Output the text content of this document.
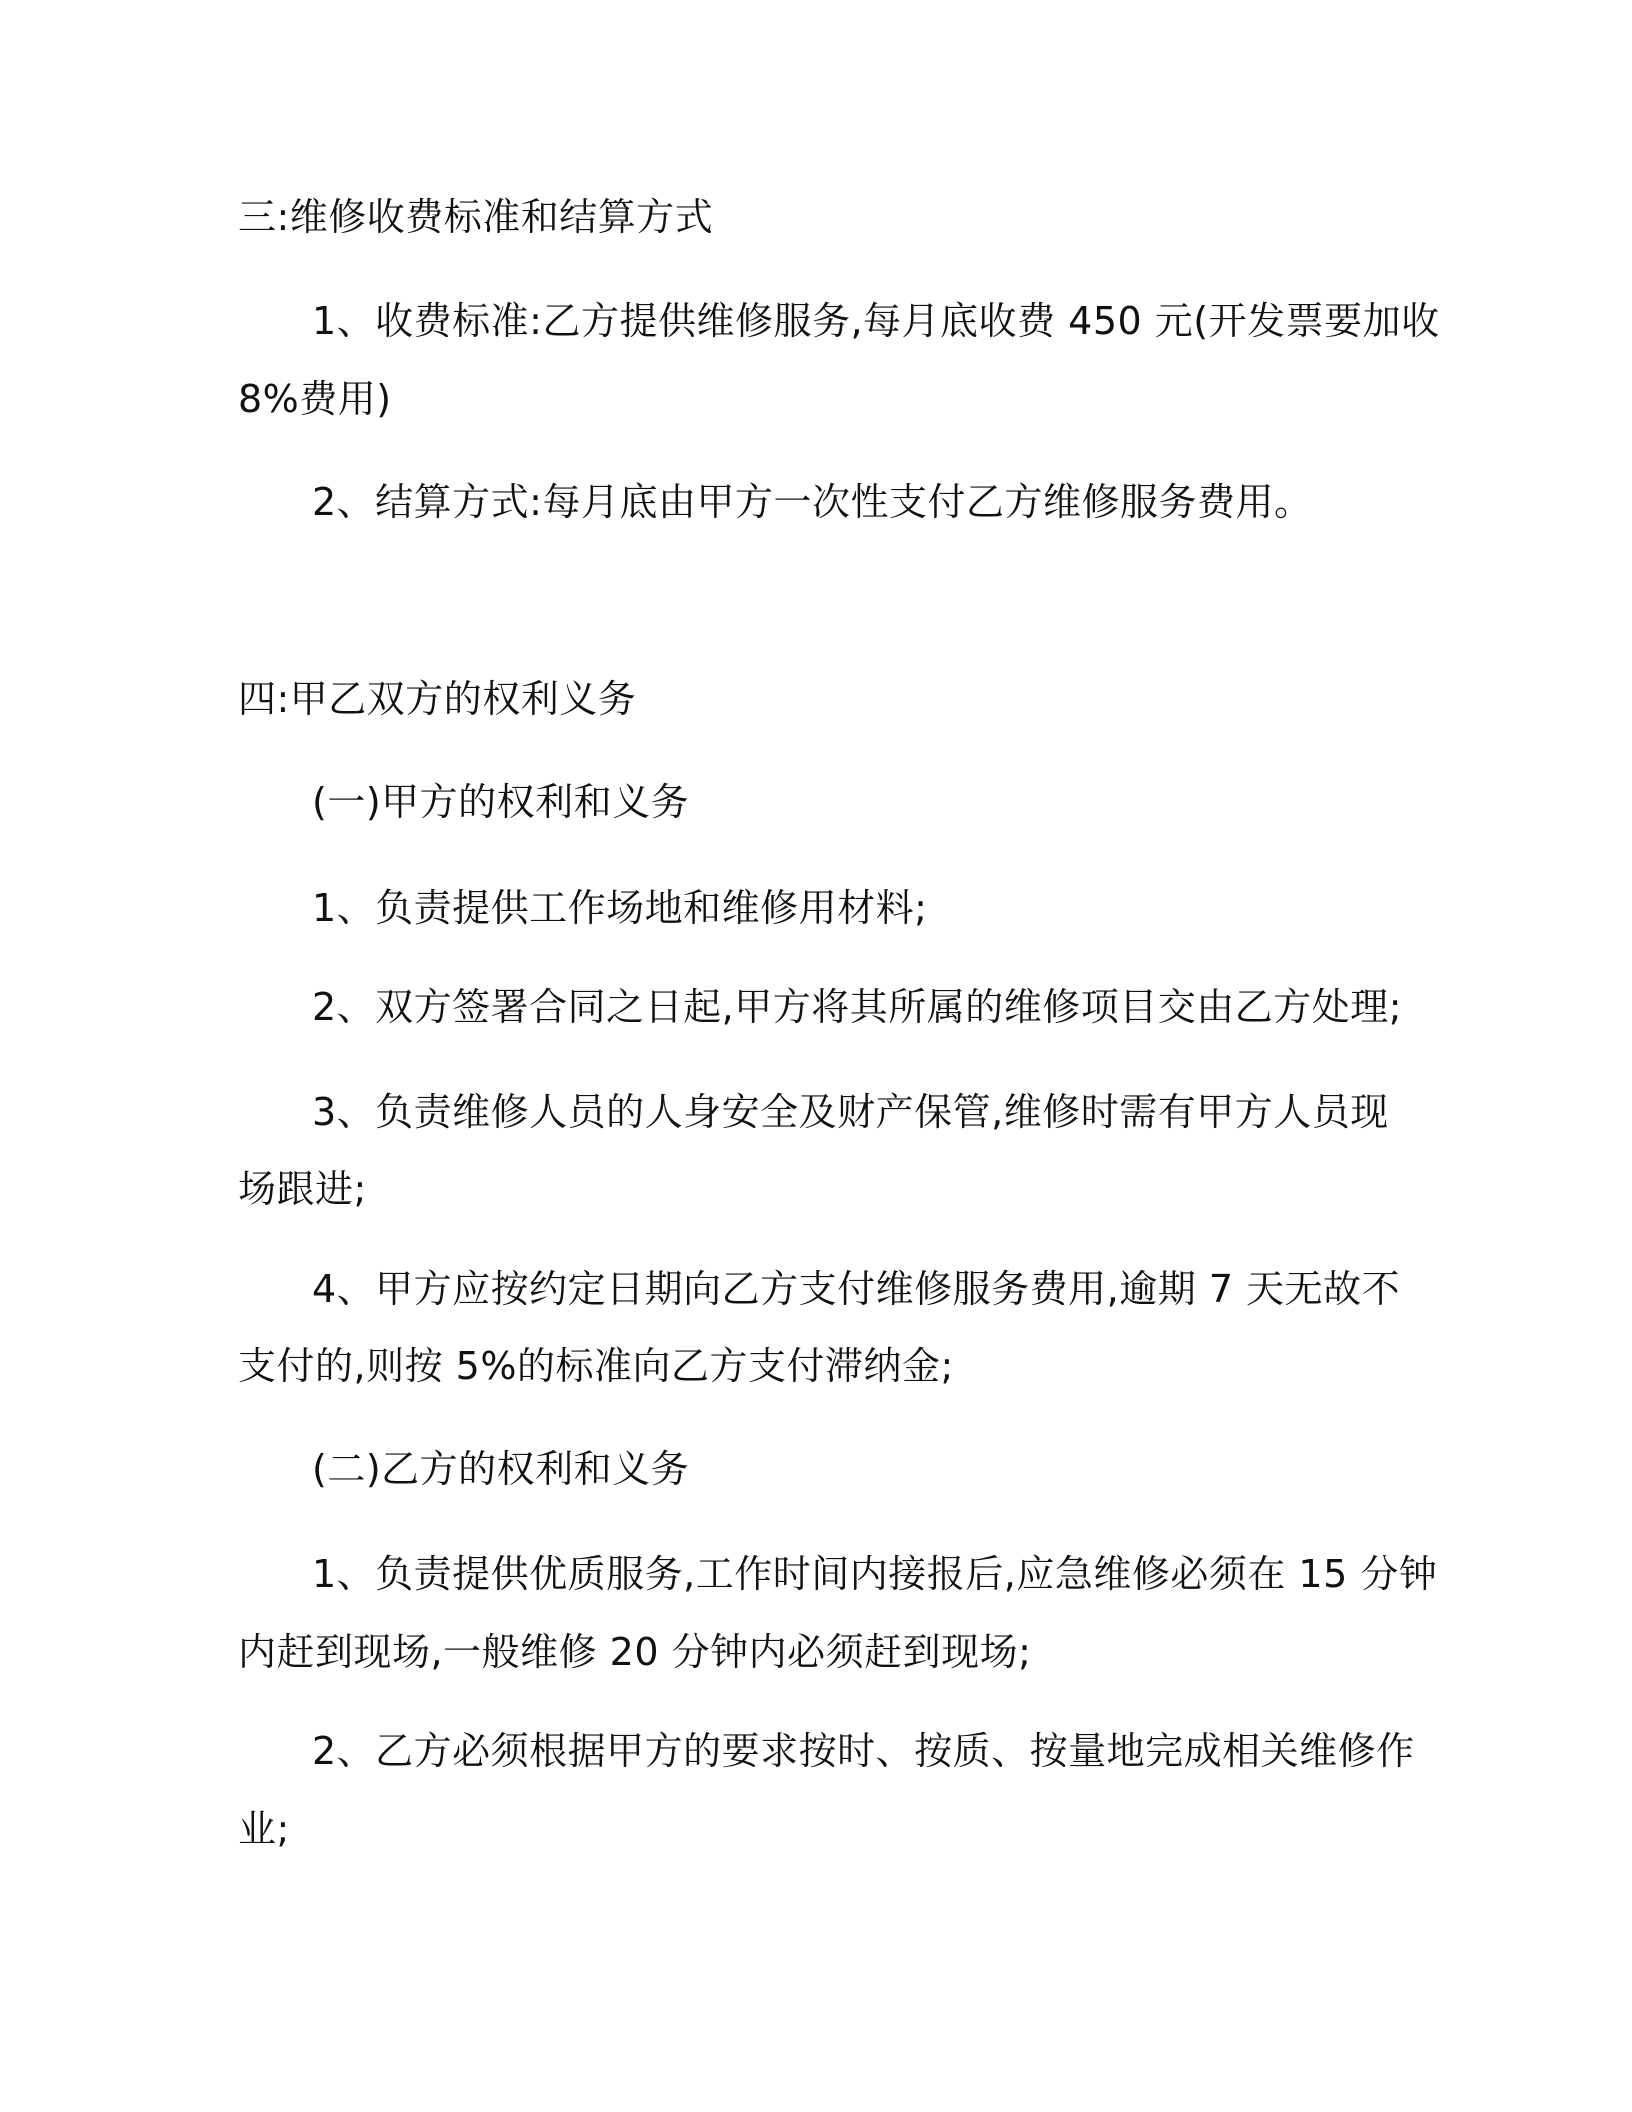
三:维修收费标准和结算方式
1、收费标准:乙方提供维修服务,每月底收费 450 元(开发票要加收
8%费用)
2、结算方式:每月底由甲方一次性支付乙方维修服务费用。
四:甲乙双方的权利义务
(一)甲方的权利和义务
1、负责提供工作场地和维修用材料;
2、双方签署合同之日起,甲方将其所属的维修项目交由乙方处理;
3、负责维修人员的人身安全及财产保管,维修时需有甲方人员现
场跟进;
4、甲方应按约定日期向乙方支付维修服务费用,逾期 7 天无故不
支付的,则按 5%的标准向乙方支付滞纳金;
(二)乙方的权利和义务
1、负责提供优质服务,工作时间内接报后,应急维修必须在 15 分钟
内赶到现场,一般维修 20 分钟内必须赶到现场;
2、乙方必须根据甲方的要求按时、按质、按量地完成相关维修作
业;
